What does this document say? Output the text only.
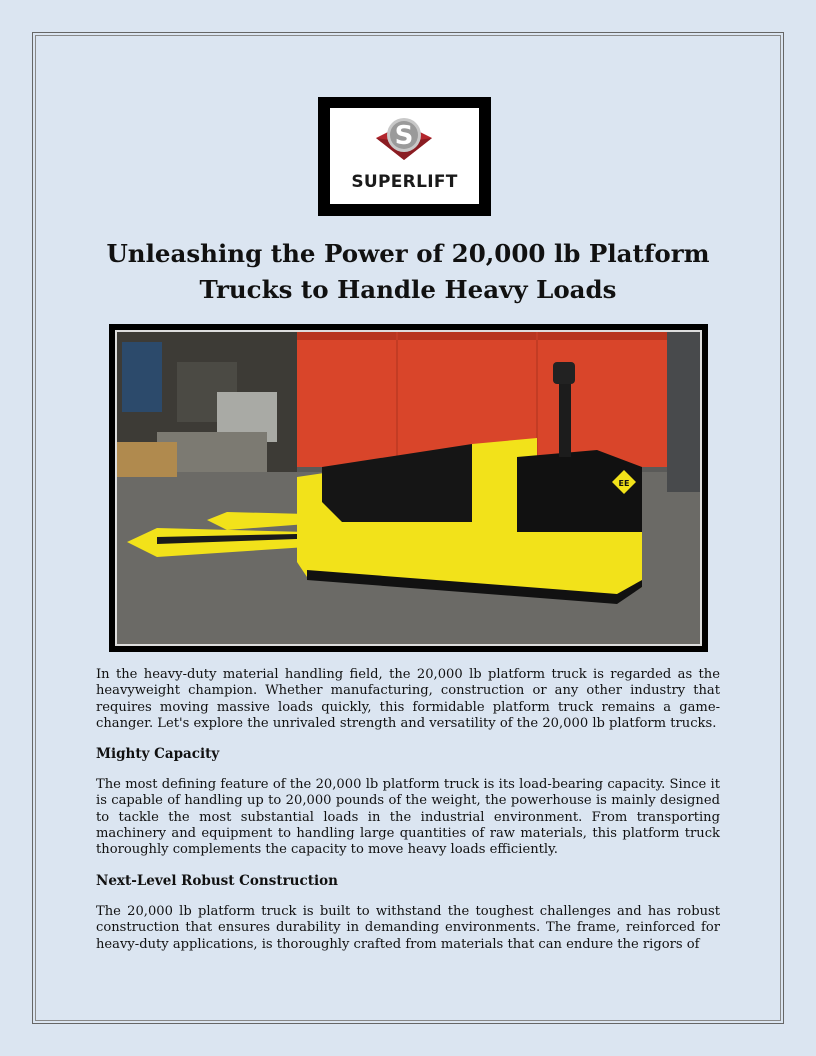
S
SUPERLIFT
Unleashing the Power of 20,000 lb Platform Trucks to Handle Heavy Loads
EE

In the heavy-duty material handling field, the 20,000 lb platform truck is regarded as the heavyweight champion. Whether manufacturing, construction or any other industry that requires moving massive loads quickly, this formidable platform truck remains a game-changer. Let's explore the unrivaled strength and versatility of the 20,000 lb platform trucks.

Mighty Capacity

The most defining feature of the 20,000 lb platform truck is its load-bearing capacity. Since it is capable of handling up to 20,000 pounds of the weight, the powerhouse is mainly designed to tackle the most substantial loads in the industrial environment. From transporting machinery and equipment to handling large quantities of raw materials, this platform truck thoroughly complements the capacity to move heavy loads efficiently.

Next-Level Robust Construction

The 20,000 lb platform truck is built to withstand the toughest challenges and has robust construction that ensures durability in demanding environments. The frame, reinforced for heavy-duty applications, is thoroughly crafted from materials that can endure the rigors of
